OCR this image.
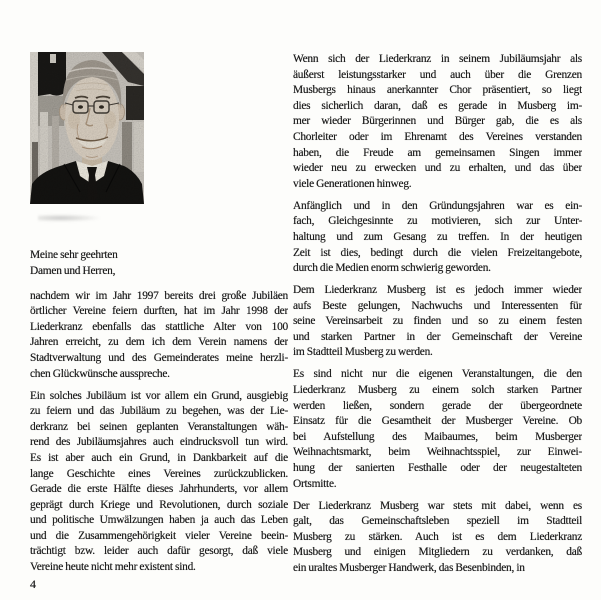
Meine sehr geehrten
Damen und Herren,
nachdem wir im Jahr 1997 bereits drei große Jubiläen
örtlicher Vereine feiern durften, hat im Jahr 1998 der
Liederkranz ebenfalls das stattliche Alter von 100
Jahren erreicht, zu dem ich dem Verein namens der
Stadtverwaltung und des Gemeinderates meine herzli-
chen Glückwünsche ausspreche.
Ein solches Jubiläum ist vor allem ein Grund, ausgiebig
zu feiern und das Jubiläum zu begehen, was der Lie-
derkranz bei seinen geplanten Veranstaltungen wäh-
rend des Jubiläumsjahres auch eindrucksvoll tun wird.
Es ist aber auch ein Grund, in Dankbarkeit auf die
lange Geschichte eines Vereines zurückzublicken.
Gerade die erste Hälfte dieses Jahrhunderts, vor allem
geprägt durch Kriege und Revolutionen, durch soziale
und politische Umwälzungen haben ja auch das Leben
und die Zusammengehörigkeit vieler Vereine beein-
trächtigt bzw. leider auch dafür gesorgt, daß viele
Vereine heute nicht mehr existent sind.
Wenn sich der Liederkranz in seinem Jubiläumsjahr als
äußerst leistungsstarker und auch über die Grenzen
Musbergs hinaus anerkannter Chor präsentiert, so liegt
dies sicherlich daran, daß es gerade in Musberg im-
mer wieder Bürgerinnen und Bürger gab, die es als
Chorleiter oder im Ehrenamt des Vereines verstanden
haben, die Freude am gemeinsamen Singen immer
wieder neu zu erwecken und zu erhalten, und das über
viele Generationen hinweg.
Anfänglich und in den Gründungsjahren war es ein-
fach, Gleichgesinnte zu motivieren, sich zur Unter-
haltung und zum Gesang zu treffen. In der heutigen
Zeit ist dies, bedingt durch die vielen Freizeitangebote,
durch die Medien enorm schwierig geworden.
Dem Liederkranz Musberg ist es jedoch immer wieder
aufs Beste gelungen, Nachwuchs und Interessenten für
seine Vereinsarbeit zu finden und so zu einem festen
und starken Partner in der Gemeinschaft der Vereine
im Stadtteil Musberg zu werden.
Es sind nicht nur die eigenen Veranstaltungen, die den
Liederkranz Musberg zu einem solch starken Partner
werden ließen, sondern gerade der übergeordnete
Einsatz für die Gesamtheit der Musberger Vereine. Ob
bei Aufstellung des Maibaumes, beim Musberger
Weihnachtsmarkt, beim Weihnachtsspiel, zur Einwei-
hung der sanierten Festhalle oder der neugestalteten
Ortsmitte.
Der Liederkranz Musberg war stets mit dabei, wenn es
galt, das Gemeinschaftsleben speziell im Stadtteil
Musberg zu stärken. Auch ist es dem Liederkranz
Musberg und einigen Mitgliedern zu verdanken, daß
ein uraltes Musberger Handwerk, das Besenbinden, in
4
